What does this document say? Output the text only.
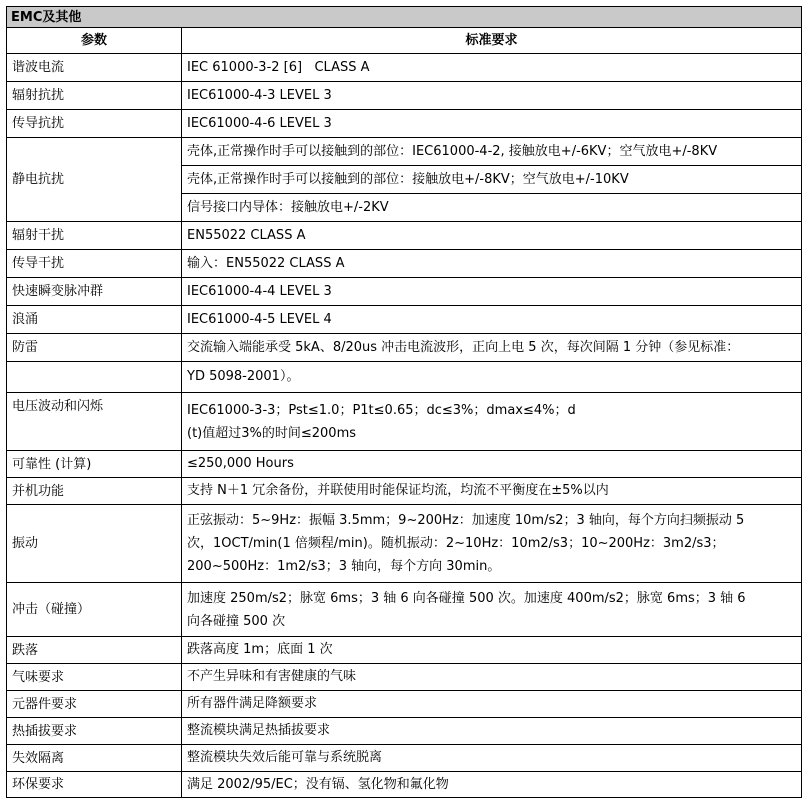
EMC及其他	
参数	标准要求
谐波电流	IEC 61000-3-2 [6]   CLASS A
辐射抗扰	IEC61000-4-3 LEVEL 3
传导抗扰	IEC61000-4-6 LEVEL 3
静电抗扰	壳体,正常操作时手可以接触到的部位：IEC61000-4-2, 接触放电+/-6KV；空气放电+/-8KV
	壳体,正常操作时手可以接触到的部位：接触放电+/-8KV；空气放电+/-10KV
	信号接口内导体：接触放电+/-2KV
辐射干扰	EN55022 CLASS A
传导干扰	输入：EN55022 CLASS A
快速瞬变脉冲群	IEC61000-4-4 LEVEL 3
浪涌	IEC61000-4-5 LEVEL 4
防雷	交流输入端能承受 5kA、8/20us 冲击电流波形，正向上电 5 次，每次间隔 1 分钟（参见标准：
	YD 5098-2001）。
电压波动和闪烁	IEC61000-3-3；Pst≤1.0；P1t≤0.65；dc≤3%；dmax≤4%；d
(t)值超过3%的时间≤200ms

可靠性 (计算)	≤250,000 Hours
并机功能	支持 N＋1 冗余备份，并联使用时能保证均流，均流不平衡度在±5%以内
振动	正弦振动：5~9Hz：振幅 3.5mm；9~200Hz：加速度 10m/s2；3 轴向，每个方向扫频振动 5
次，1OCT/min(1 倍频程/min)。随机振动：2~10Hz：10m2/s3；10~200Hz：3m2/s3；
200~500Hz：1m2/s3；3 轴向，每个方向 30min。

冲击（碰撞）	加速度 250m/s2；脉宽 6ms；3 轴 6 向各碰撞 500 次。加速度 400m/s2；脉宽 6ms；3 轴 6
向各碰撞 500 次

跌落	跌落高度 1m；底面 1 次
气味要求	不产生异味和有害健康的气味
元器件要求	所有器件满足降额要求
热插拔要求	整流模块满足热插拔要求
失效隔离	整流模块失效后能可靠与系统脱离
环保要求	满足 2002/95/EC；没有镉、氢化物和氟化物
